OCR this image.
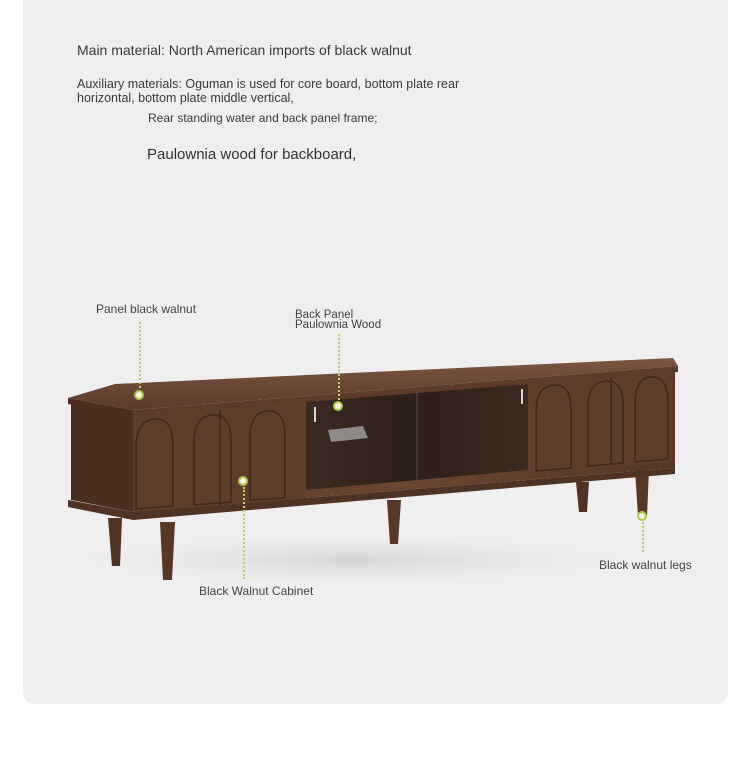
Main material: North American imports of black walnut

Auxiliary materials: Oguman is used for core board, bottom plate rear horizontal, bottom plate middle vertical,

Rear standing water and back panel frame;

Paulownia wood for backboard,

Panel black walnut	Back Panel

Paulownia Wood

Black Walnut Cabinet

Black walnut legs
